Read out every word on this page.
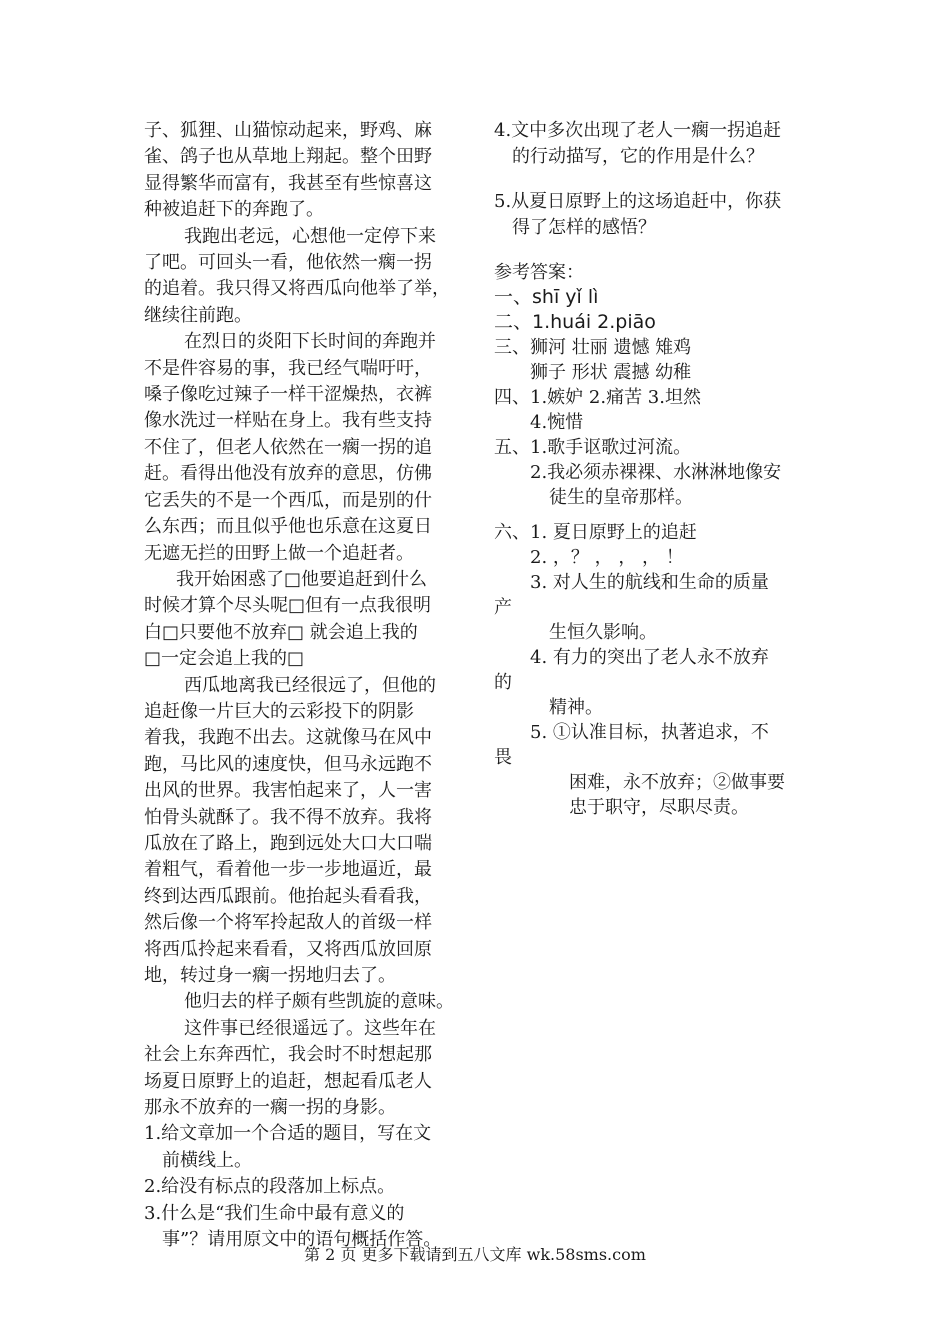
子、狐狸、山猫惊动起来，野鸡、麻
雀、鸽子也从草地上翔起。整个田野
显得繁华而富有，我甚至有些惊喜这
种被追赶下的奔跑了。
我跑出老远，心想他一定停下来
了吧。可回头一看，他依然一瘸一拐
的追着。我只得又将西瓜向他举了举，
继续往前跑。
在烈日的炎阳下长时间的奔跑并
不是件容易的事，我已经气喘吁吁，
嗓子像吃过辣子一样干涩燥热，衣裤
像水洗过一样贴在身上。我有些支持
不住了，但老人依然在一瘸一拐的追
赶。看得出他没有放弃的意思，仿佛
它丢失的不是一个西瓜，而是别的什
么东西；而且似乎他也乐意在这夏日
无遮无拦的田野上做一个追赶者。
我开始困惑了□他要追赶到什么
时候才算个尽头呢□但有一点我很明
白□只要他不放弃□ 就会追上我的
□一定会追上我的□
西瓜地离我已经很远了，但他的
追赶像一片巨大的云彩投下的阴影
着我，我跑不出去。这就像马在风中
跑，马比风的速度快，但马永远跑不
出风的世界。我害怕起来了，人一害
怕骨头就酥了。我不得不放弃。我将
瓜放在了路上，跑到远处大口大口喘
着粗气，看着他一步一步地逼近，最
终到达西瓜跟前。他抬起头看看我，
然后像一个将军拎起敌人的首级一样
将西瓜拎起来看看，又将西瓜放回原
地，转过身一瘸一拐地归去了。
他归去的样子颇有些凯旋的意味。
这件事已经很遥远了。这些年在
社会上东奔西忙，我会时不时想起那
场夏日原野上的追赶，想起看瓜老人
那永不放弃的一瘸一拐的身影。
1.给文章加一个合适的题目，写在文
前横线上。
2.给没有标点的段落加上标点。
3.什么是“我们生命中最有意义的
事”？请用原文中的语句概括作答。
4.文中多次出现了老人一瘸一拐追赶
的行动描写，它的作用是什么？
5.从夏日原野上的这场追赶中，你获
得了怎样的感悟？
参考答案：
一、shī yǐ lì
二、1.huái 2.piāo
三、狮河 壮丽 遗憾 雉鸡
狮子 形状 震撼 幼稚
四、1.嫉妒 2.痛苦 3.坦然
4.惋惜
五、1.歌手讴歌过河流。
2.我必须赤裸裸、水淋淋地像安
徒生的皇帝那样。
六、1. 夏日原野上的追赶
2. ，？ ， ， ， ！
3. 对人生的航线和生命的质量
产
生恒久影响。
4. 有力的突出了老人永不放弃
的
精神。
5. ①认准目标，执著追求，不
畏
困难，永不放弃；②做事要
忠于职守，尽职尽责。
第 2 页 更多下载请到五八文库 wk.58sms.com
